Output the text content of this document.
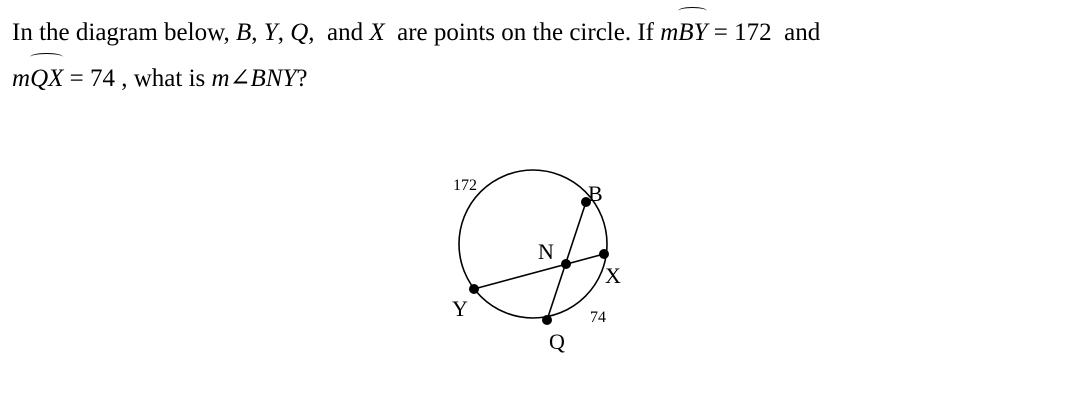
In the diagram below, B, Y, Q, and X are points on the circle. If mBY = 172 and
mQX = 74 , what is m∠BNY?
B
X
Y
Q
N
172
74
